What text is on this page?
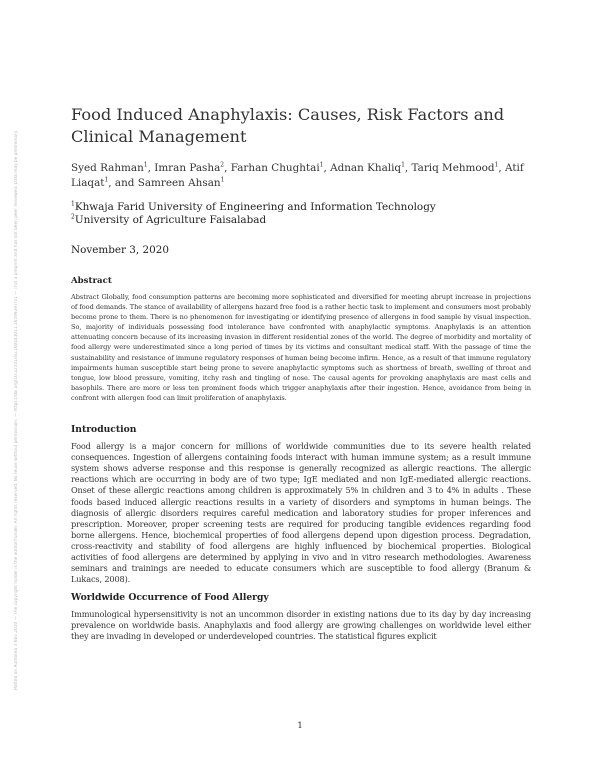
Posted on Authorea 3 Nov 2020 — The copyright holder is the author/funder. All rights reserved. No reuse without permission. — https://doi.org/10.22541/au.160443011.16599397/v1 — This a preprint and has not been peer reviewed. Data may be preliminary.
Food Induced Anaphylaxis: Causes, Risk Factors and Clinical Management
Syed Rahman$^1$, Imran Pasha$^2$, Farhan Chughtai$^1$, Adnan Khaliq$^1$, Tariq Mehmood$^1$, Atif Liaqat$^1$, and Samreen Ahsan$^1$
$^1$Khwaja Farid University of Engineering and Information Technology
$^2$University of Agriculture Faisalabad
November 3, 2020
Abstract

Abstract Globally, food consumption patterns are becoming more sophisticated and diversified for meeting abrupt increase in projections of food demands. The stance of availability of allergens hazard free food is a rather hectic task to implement and consumers most probably become prone to them. There is no phenomenon for investigating or identifying presence of allergens in food sample by visual inspection. So, majority of individuals possessing food intolerance have confronted with anaphylactic symptoms. Anaphylaxis is an attention attenuating concern because of its increasing invasion in different residential zones of the world. The degree of morbidity and mortality of food allergy were underestimated since a long period of times by its victims and consultant medical staff. With the passage of time the sustainability and resistance of immune regulatory responses of human being become infirm. Hence, as a result of that immune regulatory impairments human susceptible start being prone to severe anaphylactic symptoms such as shortness of breath, swelling of throat and tongue, low blood pressure, vomiting, itchy rash and tingling of nose. The causal agents for provoking anaphylaxis are mast cells and basophils. There are more or less ten prominent foods which trigger anaphylaxis after their ingestion. Hence, avoidance from being in confront with allergen food can limit proliferation of anaphylaxis.

Introduction

Food allergy is a major concern for millions of worldwide communities due to its severe health related consequences. Ingestion of allergens containing foods interact with human immune system; as a result immune system shows adverse response and this response is generally recognized as allergic reactions. The allergic reactions which are occurring in body are of two type; IgE mediated and non IgE-mediated allergic reactions. Onset of these allergic reactions among children is approximately 5% in children and 3 to 4% in adults . These foods based induced allergic reactions results in a variety of disorders and symptoms in human beings. The diagnosis of allergic disorders requires careful medication and laboratory studies for proper inferences and prescription. Moreover, proper screening tests are required for producing tangible evidences regarding food borne allergens. Hence, biochemical properties of food allergens depend upon digestion process. Degradation, cross-reactivity and stability of food allergens are highly influenced by biochemical properties. Biological activities of food allergens are determined by applying in vivo and in vitro research methodologies. Awareness seminars and trainings are needed to educate consumers which are susceptible to food allergy (Branum & Lukacs, 2008).

Worldwide Occurrence of Food Allergy

Immunological hypersensitivity is not an uncommon disorder in existing nations due to its day by day increasing prevalence on worldwide basis. Anaphylaxis and food allergy are growing challenges on worldwide level either they are invading in developed or underdeveloped countries. The statistical figures explicit

1
